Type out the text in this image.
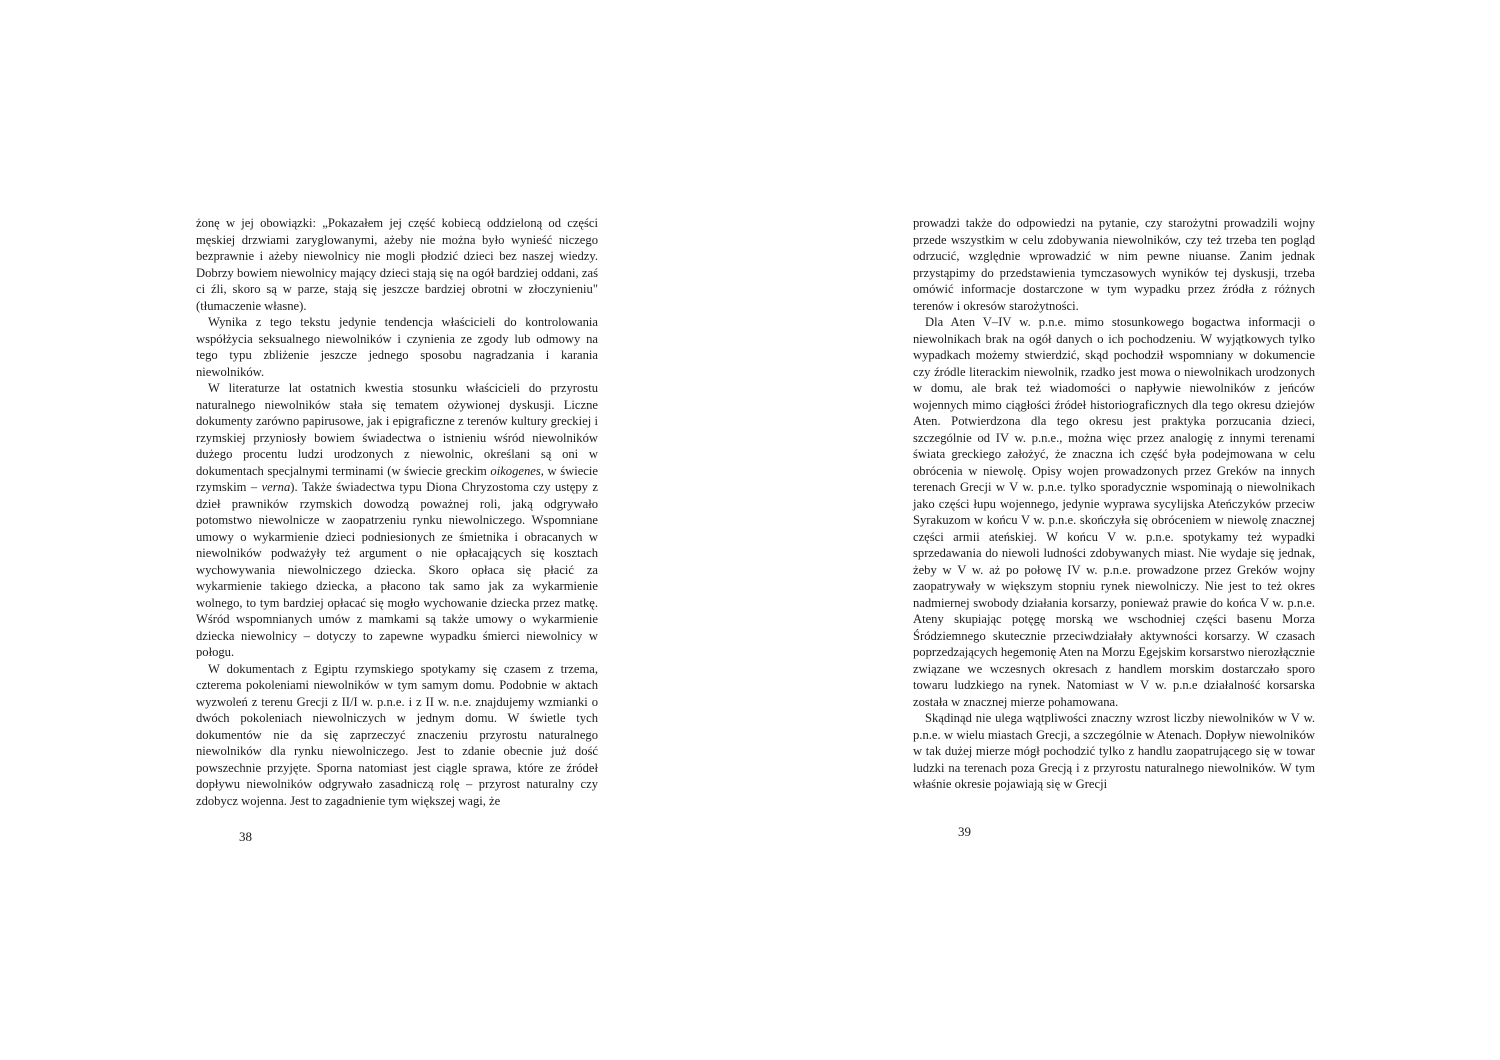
żonę w jej obowiązki: „Pokazałem jej część kobiecą oddzieloną od części męskiej drzwiami zaryglowanymi, ażeby nie można było wynieść niczego bezprawnie i ażeby niewolnicy nie mogli płodzić dzieci bez naszej wiedzy. Dobrzy bowiem niewolnicy mający dzieci stają się na ogół bardziej oddani, zaś ci źli, skoro są w parze, stają się jeszcze bardziej obrotni w złoczynieniu" (tłumaczenie własne).

Wynika z tego tekstu jedynie tendencja właścicieli do kontrolowania współżycia seksualnego niewolników i czynienia ze zgody lub odmowy na tego typu zbliżenie jeszcze jednego sposobu nagradzania i karania niewolników.

W literaturze lat ostatnich kwestia stosunku właścicieli do przyrostu naturalnego niewolników stała się tematem ożywionej dyskusji. Liczne dokumenty zarówno papirusowe, jak i epigraficzne z terenów kultury greckiej i rzymskiej przyniosły bowiem świadectwa o istnieniu wśród niewolników dużego procentu ludzi urodzonych z niewolnic, określani są oni w dokumentach specjalnymi terminami (w świecie greckim oikogenes, w świecie rzymskim – verna). Także świadectwa typu Diona Chryzostoma czy ustępy z dzieł prawników rzymskich dowodzą poważnej roli, jaką odgrywało potomstwo niewolnicze w zaopatrzeniu rynku niewolniczego. Wspomniane umowy o wykarmienie dzieci podniesionych ze śmietnika i obracanych w niewolników podważyły też argument o nie opłacających się kosztach wychowywania niewolniczego dziecka. Skoro opłaca się płacić za wykarmienie takiego dziecka, a płacono tak samo jak za wykarmienie wolnego, to tym bardziej opłacać się mogło wychowanie dziecka przez matkę. Wśród wspomnianych umów z mamkami są także umowy o wykarmienie dziecka niewolnicy – dotyczy to zapewne wypadku śmierci niewolnicy w połogu.

W dokumentach z Egiptu rzymskiego spotykamy się czasem z trzema, czterema pokoleniami niewolników w tym samym domu. Podobnie w aktach wyzwoleń z terenu Grecji z II/I w. p.n.e. i z II w. n.e. znajdujemy wzmianki o dwóch pokoleniach niewolniczych w jednym domu. W świetle tych dokumentów nie da się zaprzeczyć znaczeniu przyrostu naturalnego niewolników dla rynku niewolniczego. Jest to zdanie obecnie już dość powszechnie przyjęte. Sporna natomiast jest ciągle sprawa, które ze źródeł dopływu niewolników odgrywało zasadniczą rolę – przyrost naturalny czy zdobycz wojenna. Jest to zagadnienie tym większej wagi, że

38

prowadzi także do odpowiedzi na pytanie, czy starożytni prowadzili wojny przede wszystkim w celu zdobywania niewolników, czy też trzeba ten pogląd odrzucić, względnie wprowadzić w nim pewne niuanse. Zanim jednak przystąpimy do przedstawienia tymczasowych wyników tej dyskusji, trzeba omówić informacje dostarczone w tym wypadku przez źródła z różnych terenów i okresów starożytności.

Dla Aten V–IV w. p.n.e. mimo stosunkowego bogactwa informacji o niewolnikach brak na ogół danych o ich pochodzeniu. W wyjątkowych tylko wypadkach możemy stwierdzić, skąd pochodził wspomniany w dokumencie czy źródle literackim niewolnik, rzadko jest mowa o niewolnikach urodzonych w domu, ale brak też wiadomości o napływie niewolników z jeńców wojennych mimo ciągłości źródeł historiograficznych dla tego okresu dziejów Aten. Potwierdzona dla tego okresu jest praktyka porzucania dzieci, szczególnie od IV w. p.n.e., można więc przez analogię z innymi terenami świata greckiego założyć, że znaczna ich część była podejmowana w celu obrócenia w niewolę. Opisy wojen prowadzonych przez Greków na innych terenach Grecji w V w. p.n.e. tylko sporadycznie wspominają o niewolnikach jako części łupu wojennego, jedynie wyprawa sycylijska Ateńczyków przeciw Syrakuzom w końcu V w. p.n.e. skończyła się obróceniem w niewolę znacznej części armii ateńskiej. W końcu V w. p.n.e. spotykamy też wypadki sprzedawania do niewoli ludności zdobywanych miast. Nie wydaje się jednak, żeby w V w. aż po połowę IV w. p.n.e. prowadzone przez Greków wojny zaopatrywały w większym stopniu rynek niewolniczy. Nie jest to też okres nadmiernej swobody działania korsarzy, ponieważ prawie do końca V w. p.n.e. Ateny skupiając potęgę morską we wschodniej części basenu Morza Śródziemnego skutecznie przeciwdziałały aktywności korsarzy. W czasach poprzedzających hegemonię Aten na Morzu Egejskim korsarstwo nierozłącznie związane we wczesnych okresach z handlem morskim dostarczało sporo towaru ludzkiego na rynek. Natomiast w V w. p.n.e działalność korsarska została w znacznej mierze pohamowana.

Skądinąd nie ulega wątpliwości znaczny wzrost liczby niewolników w V w. p.n.e. w wielu miastach Grecji, a szczególnie w Atenach. Dopływ niewolników w tak dużej mierze mógł pochodzić tylko z handlu zaopatrującego się w towar ludzki na terenach poza Grecją i z przyrostu naturalnego niewolników. W tym właśnie okresie pojawiają się w Grecji

39
